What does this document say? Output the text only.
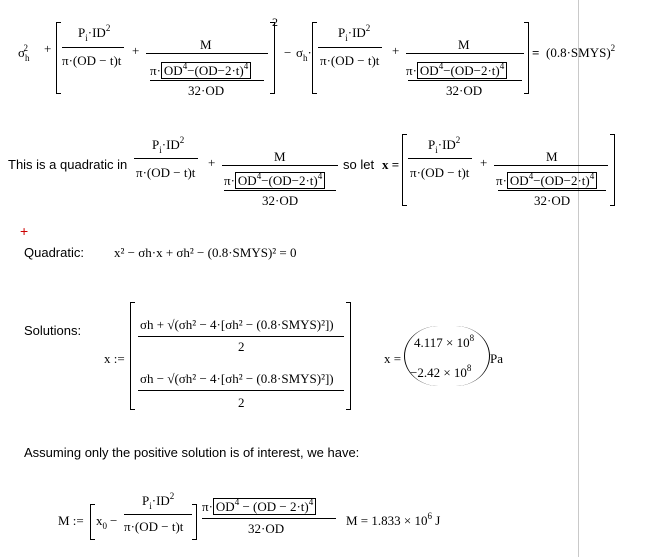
$\sigma_h^2$	+
$P_i\cdot ID^2$
π·(OD − t)t
+	M
$\pi\cdot OD^4-(OD-2\cdot t)^4$
32·OD
2
− $\sigma_h\cdot$
$P_i\cdot ID^2$
π·(OD − t)t
+	M
$\pi\cdot OD^4-(OD-2\cdot t)^4$
32·OD
= (0.8·SMYS)$^2$
This is a quadratic in
$P_i\cdot ID^2$
π·(OD − t)t
+	M
$\pi\cdot OD^4-(OD-2\cdot t)^4$
32·OD
so let x =
$P_i\cdot ID^2$
π·(OD − t)t
+	M
$\pi\cdot OD^4-(OD-2\cdot t)^4$
32·OD
+
Quadratic: x² − σh·x + σh² − (0.8·SMYS)² = 0
Solutions:
x :=
σh + √(σh² − 4·[σh² − (0.8·SMYS)²])
2
σh − √(σh² − 4·[σh² − (0.8·SMYS)²])
2
x =
$4.117 \times 10^8$
$-2.42 \times 10^8$
Pa
Assuming only the positive solution is of interest, we have:
M := $x_0$ −
$P_i\cdot ID^2$
π·(OD − t)t
$\pi\cdot OD^4 - (OD - 2\cdot t)^4$
32·OD
$M = 1.833 \times 10^6$ J
